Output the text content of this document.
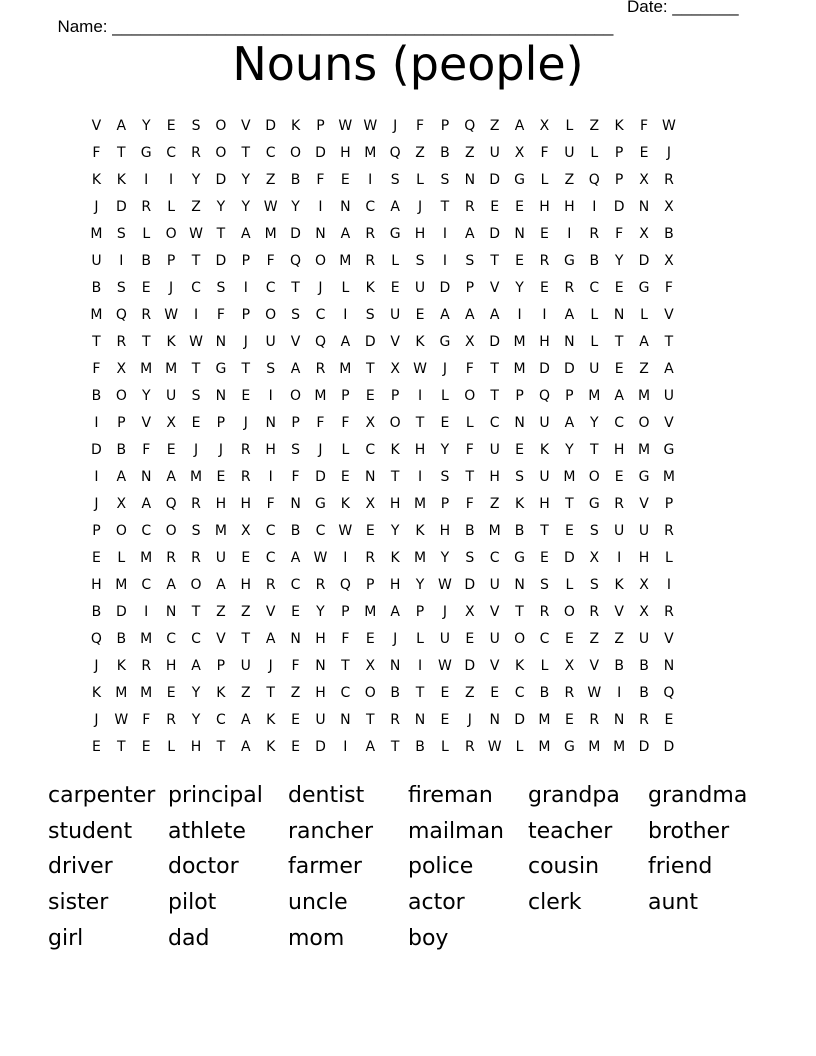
Name: _____________________________________________________

Date: _______

Nouns (people)
V	A	Y	E	S	O	V	D	K	P W W	J	F	P	Q	Z	A	X	L	Z	K	F W
F	T	G	C	R	O	T	C	O D	H M Q	Z	B	Z	U	X	F	U	L	P	E	J
K	K	I	I	Y	D	Y	Z	B	F	E	I	S	L	S	N	D	G	L	Z	Q	P	X	R
J	D	R	L	Z	Y	Y W Y	I	N	C	A	J	T	R	E	E	H	H	I	D	N	X
M	S	L	O W T	A	M D	N	A	R	G	H	I	A	D	N	E	I	R	F	X	B
U	I	B	P	T	D	P	F	Q O M R	L	S	I	S	T	E	R	G	B	Y	D	X
B	S	E	J	C	S	I	C	T	J	L	K	E	U	D	P	V	Y	E	R	C	E	G	F
M Q	R W	I	F	P	O	S	C	I	S	U	E	A	A	A	I	I	A	L	N	L	V
T	R	T	K W N	J	U	V	Q	A	D	V	K	G	X	D M H	N	L	T	A	T
F	X	M M	T	G	T	S	A	R M	T	X W	J	F	T	M D	D	U	E	Z	A
B	O	Y	U	S	N	E	I	O M	P	E	P	I	L	O	T	P	Q	P	M	A	M U
I	P	V	X	E	P	J	N	P	F	F	X	O	T	E	L	C	N	U	A	Y	C	O	V
D	B	F	E	J	J	R	H	S	J	L	C	K	H	Y	F	U	E	K	Y	T	H M G
I	A	N	A	M	E	R	I	F	D	E	N	T	I	S	T	H	S	U M O	E	G M
J	X	A	Q	R	H	H	F	N	G	K	X	H M	P	F	Z	K	H	T	G	R	V	P
P	O	C	O	S	M	X	C	B	C W E	Y	K	H	B	M	B	T	E	S	U	U	R
E	L	M R	R	U	E	C	A W	I	R	K	M	Y	S	C	G	E	D	X	I	H	L
H M C	A	O	A	H	R	C	R	Q	P	H	Y W D	U	N	S	L	S	K	X	I
B	D	I	N	T	Z	Z	V	E	Y	P	M	A	P	J	X	V	T	R	O	R	V	X	R
Q	B	M C	C	V	T	A	N	H	F	E	J	L	U	E	U	O	C	E	Z	Z	U	V
J	K	R	H	A	P	U	J	F	N	T	X	N	I	W D	V	K	L	X	V	B	B	N
K	M M	E	Y	K	Z	T	Z	H	C	O	B	T	E	Z	E	C	B	R W	I	B	Q
J	W F	R	Y	C	A	K	E	U	N	T	R	N	E	J	N	D M	E	R	N	R	E
E	T	E	L	H	T	A	K	E	D	I	A	T	B	L	R W	L	M G M M D	D
carpenter principal	dentist	fireman	grandpa	grandma
student	athlete	rancher	mailman	teacher	brother
driver	doctor	farmer	police	cousin	friend
sister	pilot	uncle	actor	clerk	aunt
girl	dad	mom	boy
